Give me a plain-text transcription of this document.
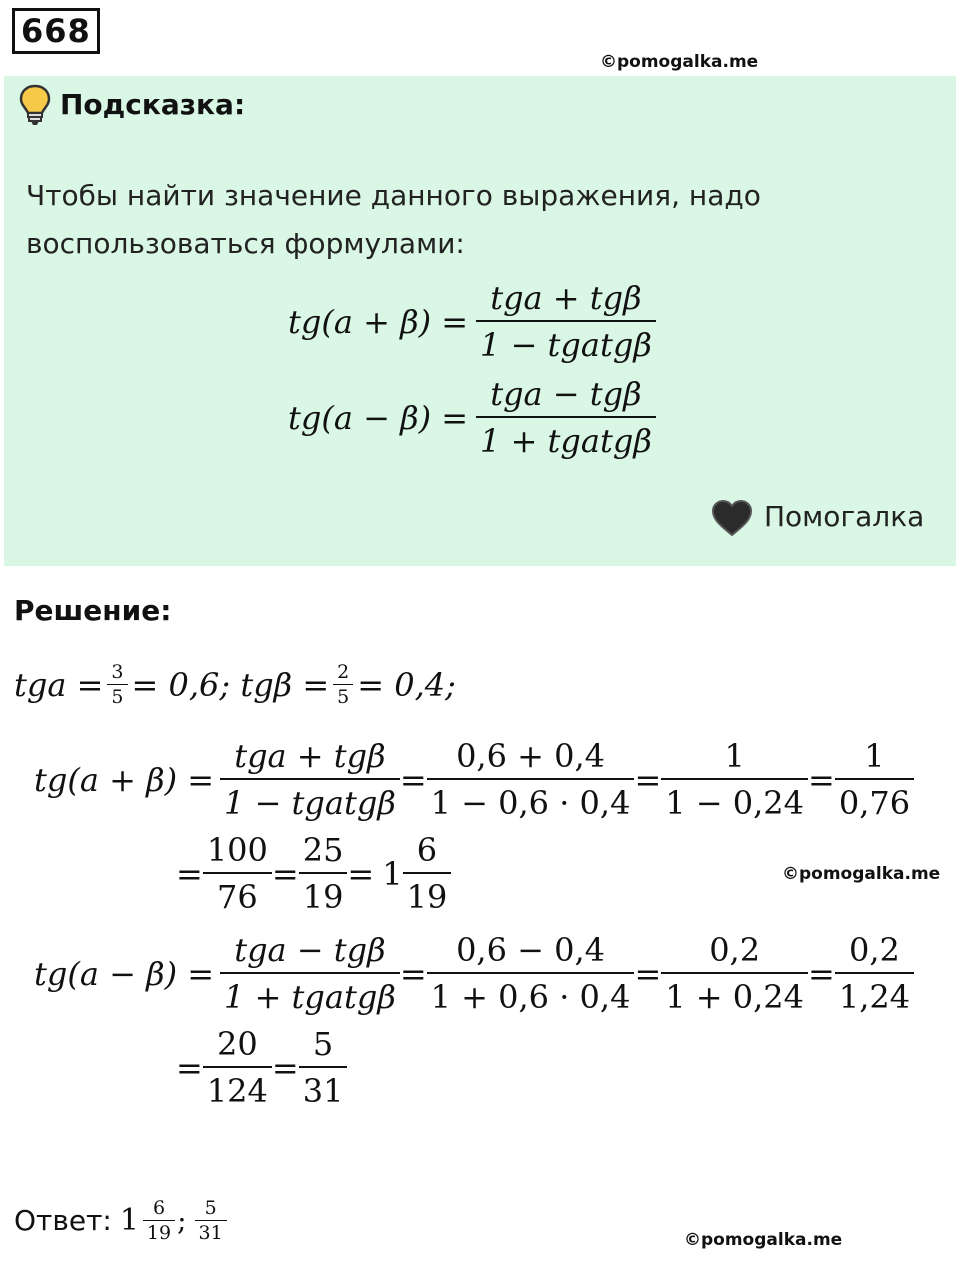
668
©pomogalka.me
Подсказка:
Чтобы найти значение данного выражения, надо воспользоваться формулами:
$tg(a + \beta) = \frac{\text{tga + tgβ}}{\text{1 − tgatgβ}}$
$tg(a - \beta) = \frac{\text{tga − tgβ}}{\text{1 + tgatgβ}}$
Помогалка
Решение:
tga = $\frac{3}{5} = 0,6$; $tg\beta = \frac{2}{5} = 0,4$;
$tg(a + \beta) = \frac{\text{tga + tgβ}}{\text{1 − tgatgβ}} = \frac{0,6 + 0,4}{1 - 0,6 \cdot 0,4} = \frac{1}{1 - 0,24} = \frac{1}{0,76}$
= $\frac{100}{76} = \frac{25}{19} = 1 \frac{6}{19}$	©pomogalka.me
$tg(a - \beta) = \frac{\text{tga − tgβ}}{\text{1 + tgatgβ}} = \frac{0,6 - 0,4}{1 + 0,6 \cdot 0,4} = \frac{0,2}{1 + 0,24} = \frac{0,2}{1,24}$
= $\frac{20}{124} = \frac{5}{31}$
Ответ: $1 \frac{6}{19}$ ; $\frac{5}{31}$	©pomogalka.me
